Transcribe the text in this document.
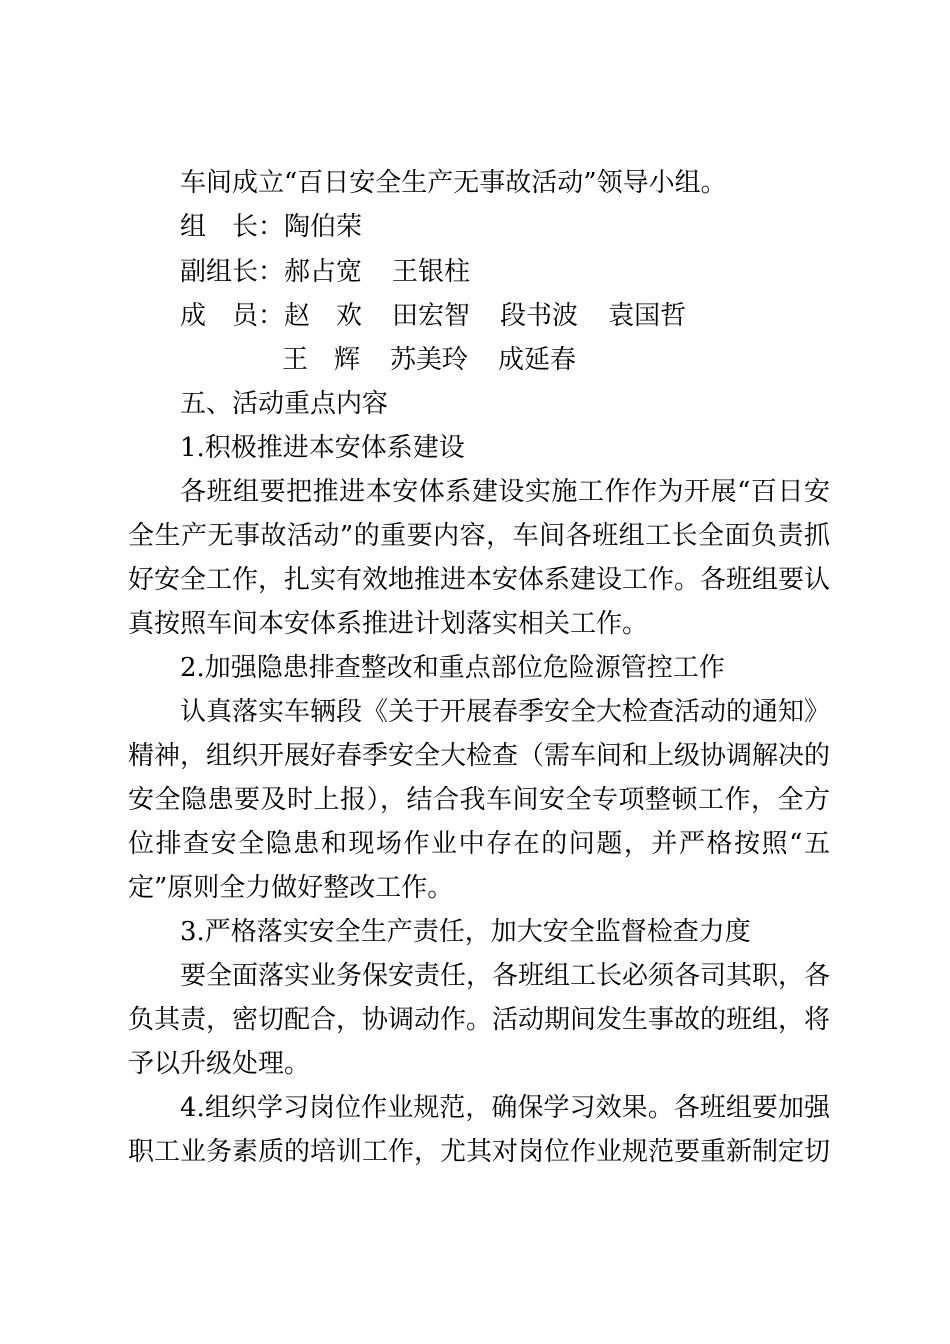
车间成立“百日安全生产无事故活动”领导小组。
组　长：陶伯荣
副组长：郝占宽 王银柱
成　员：赵　欢 田宏智 段书波 袁国哲
王　辉 苏美玲 成延春
五、活动重点内容
1.积极推进本安体系建设
各班组要把推进本安体系建设实施工作作为开展“百日安
全生产无事故活动”的重要内容，车间各班组工长全面负责抓
好安全工作，扎实有效地推进本安体系建设工作。各班组要认
真按照车间本安体系推进计划落实相关工作。
2.加强隐患排查整改和重点部位危险源管控工作
认真落实车辆段《关于开展春季安全大检查活动的通知》
精神，组织开展好春季安全大检查（需车间和上级协调解决的
安全隐患要及时上报），结合我车间安全专项整顿工作，全方
位排查安全隐患和现场作业中存在的问题，并严格按照“五
定”原则全力做好整改工作。
3.严格落实安全生产责任，加大安全监督检查力度
要全面落实业务保安责任，各班组工长必须各司其职，各
负其责，密切配合，协调动作。活动期间发生事故的班组，将
予以升级处理。
4.组织学习岗位作业规范，确保学习效果。各班组要加强
职工业务素质的培训工作，尤其对岗位作业规范要重新制定切
